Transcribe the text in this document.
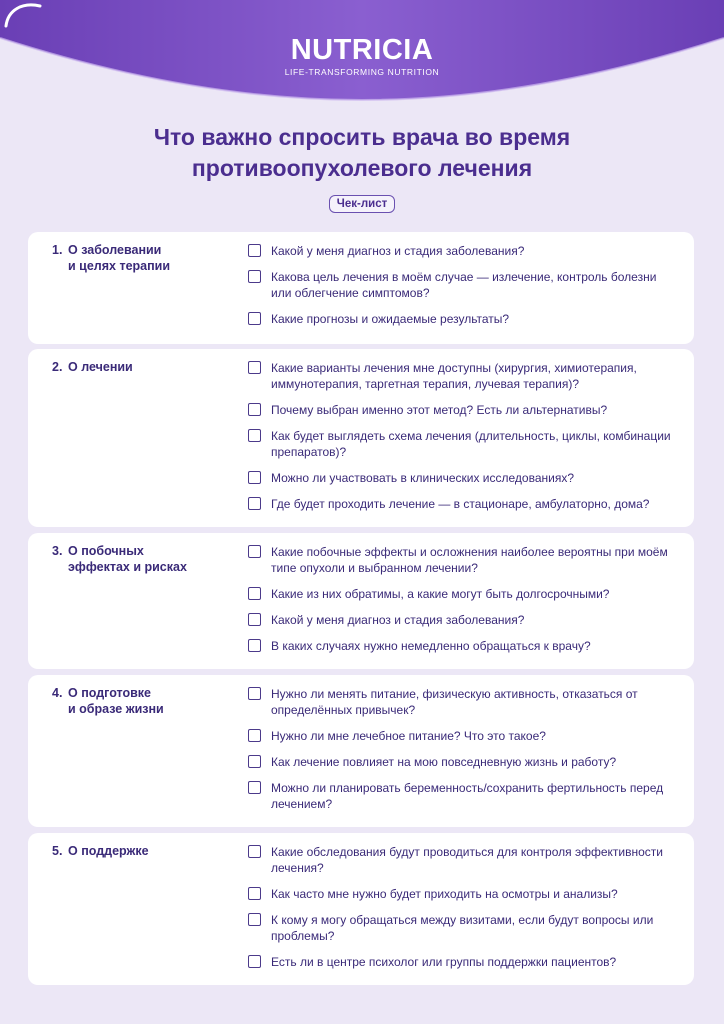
NUTRICIA
LIFE-TRANSFORMING NUTRITION
Что важно спросить врача во время
противоопухолевого лечения
Чек-лист
1. О заболевании
и целях терапии
Какой у меня диагноз и стадия заболевания?
Какова цель лечения в моём случае — излечение, контроль болезни или облегчение симптомов?
Какие прогнозы и ожидаемые результаты?
2. О лечении	Какие варианты лечения мне доступны (хирургия, химиотерапия, иммунотерапия, таргетная терапия, лучевая терапия)?
Почему выбран именно этот метод? Есть ли альтернативы?
Как будет выглядеть схема лечения (длительность, циклы, комбинации препаратов)?
Можно ли участвовать в клинических исследованиях?
Где будет проходить лечение — в стационаре, амбулаторно, дома?
3. О побочных
эффектах и рисках
Какие побочные эффекты и осложнения наиболее вероятны при моём типе опухоли и выбранном лечении?
Какие из них обратимы, а какие могут быть долгосрочными?
Какой у меня диагноз и стадия заболевания?
В каких случаях нужно немедленно обращаться к врачу?
4. О подготовке
и образе жизни
Нужно ли менять питание, физическую активность, отказаться от определённых привычек?
Нужно ли мне лечебное питание? Что это такое?
Как лечение повлияет на мою повседневную жизнь и работу?
Можно ли планировать беременность/сохранить фертильность перед лечением?
5. О поддержке	Какие обследования будут проводиться для контроля эффективности лечения?
Как часто мне нужно будет приходить на осмотры и анализы?
К кому я могу обращаться между визитами, если будут вопросы или проблемы?
Есть ли в центре психолог или группы поддержки пациентов?
